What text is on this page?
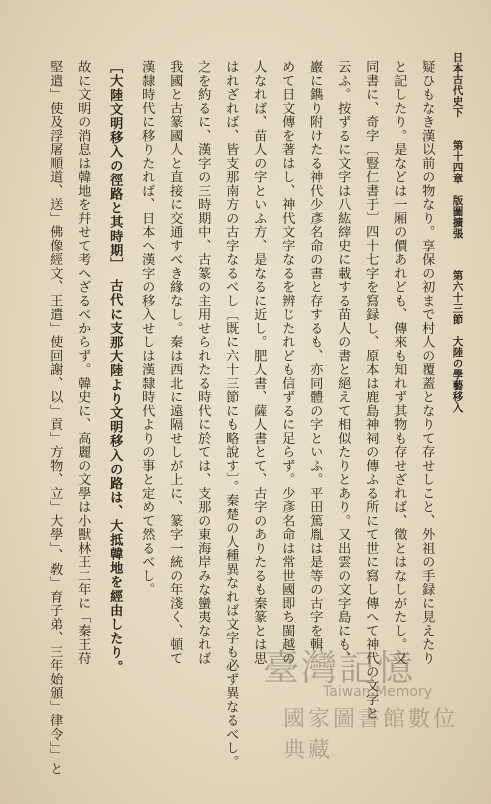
日本古代史下
第十四章　版圖擴張
第六十三節　大陸の學藝移入
疑ひもなき漢以前の物なり。享保の初まで村人の覆蓋となりて存せしこと、外祖の手録に見えたり
と記したり。是などは一厢の價あれども、傳來も知れず其物も存せざれば、徵とはなしがたし。又
同書に、奇字〔豎仁書于〕四十七字を寫録し、原本は鹿島神祠の傳ふる所にて世に寫し傳へて神代の文字と
云ふ。按ずるに文字は八紘縡史に載する苗人の書と絕えて相似たりとあり。又出雲の文字島にも、
巖に鐫り附けたる神代少彥名命の書と存するも、亦同體の字といふ。平田篤胤は是等の古字を輯
めて日文傳を著はし、神代文字なるを辨じたれども信ずるに足らず。少彥名命は常世國即ち閩越の
人なれば、苗人の字といふ方、是なるに近し。肥人書、薩人書とて、古字のありたるも秦篆とは思
はれざれば、皆支那南方の古字なるべし〔既に六十三節にも略說す〕。秦楚の人種異なれば文字も必ず異なるべし。
之を約るに、漢字の三時期中、古篆の主用せられたる時代に於ては、支那の東海岸みな蠻夷なれば
我國と古篆國人と直接に交通すべき緣なし。秦は西北に遠隔せしが上に、篆字一統の年淺く、頓て
漢隸時代に移りたれば、日本へ漢字の移入せしは漢隸時代よりの事と定めて然るべし。
［大陸文明移入の徑路と其時期］　古代に支那大陸より文明移入の路は、大抵韓地を經由したり。
故に文明の消息は韓地を幷せて考へざるべからず。韓史に、高麗の文學は小獸林王二年に「秦王苻
堅遣」使及浮屠順道、送」佛像經文、王遣」使回謝、以」貢」方物、立」大學」、敎」育子弟、三年始頒」律令」」と	臺灣記憶
Taiwan Memory
國家圖書館數位典藏
